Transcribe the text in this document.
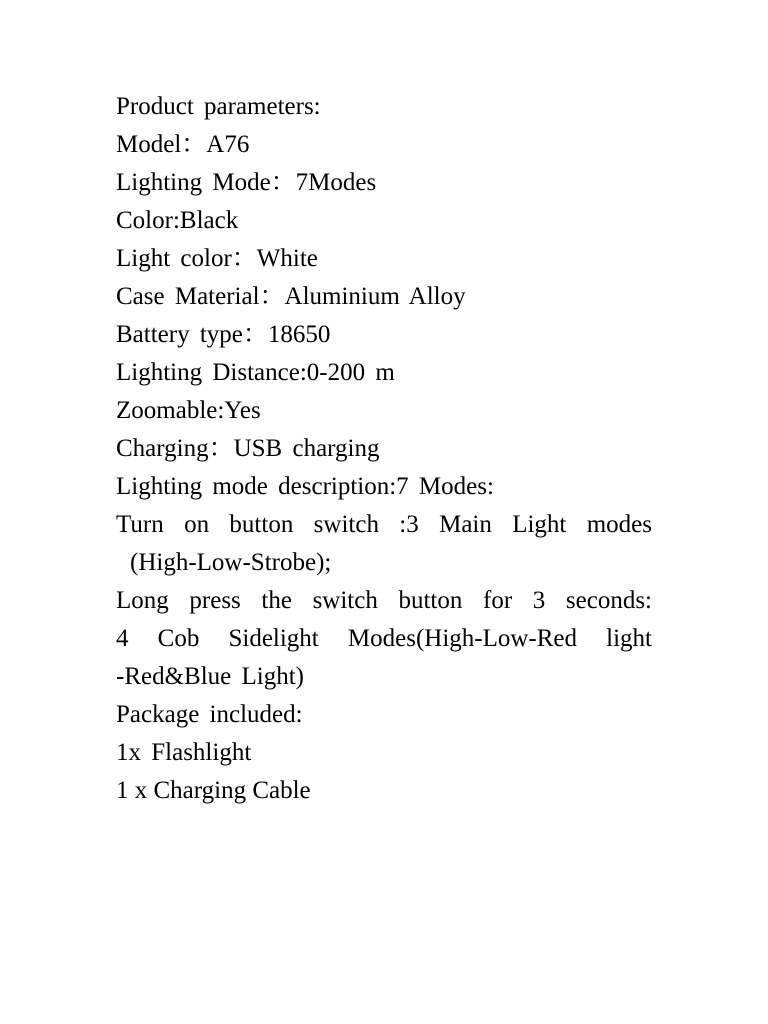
Product parameters:
Model：A76
Lighting Mode：7Modes
Color:Black
Light color：White
Case Material：Aluminium Alloy
Battery type：18650
Lighting Distance:0-200 m
Zoomable:Yes
Charging：USB charging
Lighting mode description:7 Modes:
Turn on button switch :3 Main Light modes
(High-Low-Strobe);
Long press the switch button for 3 seconds:
4 Cob Sidelight Modes(High-Low-Red light
-Red&Blue Light)
Package included:
1x Flashlight
1 x Charging Cable
